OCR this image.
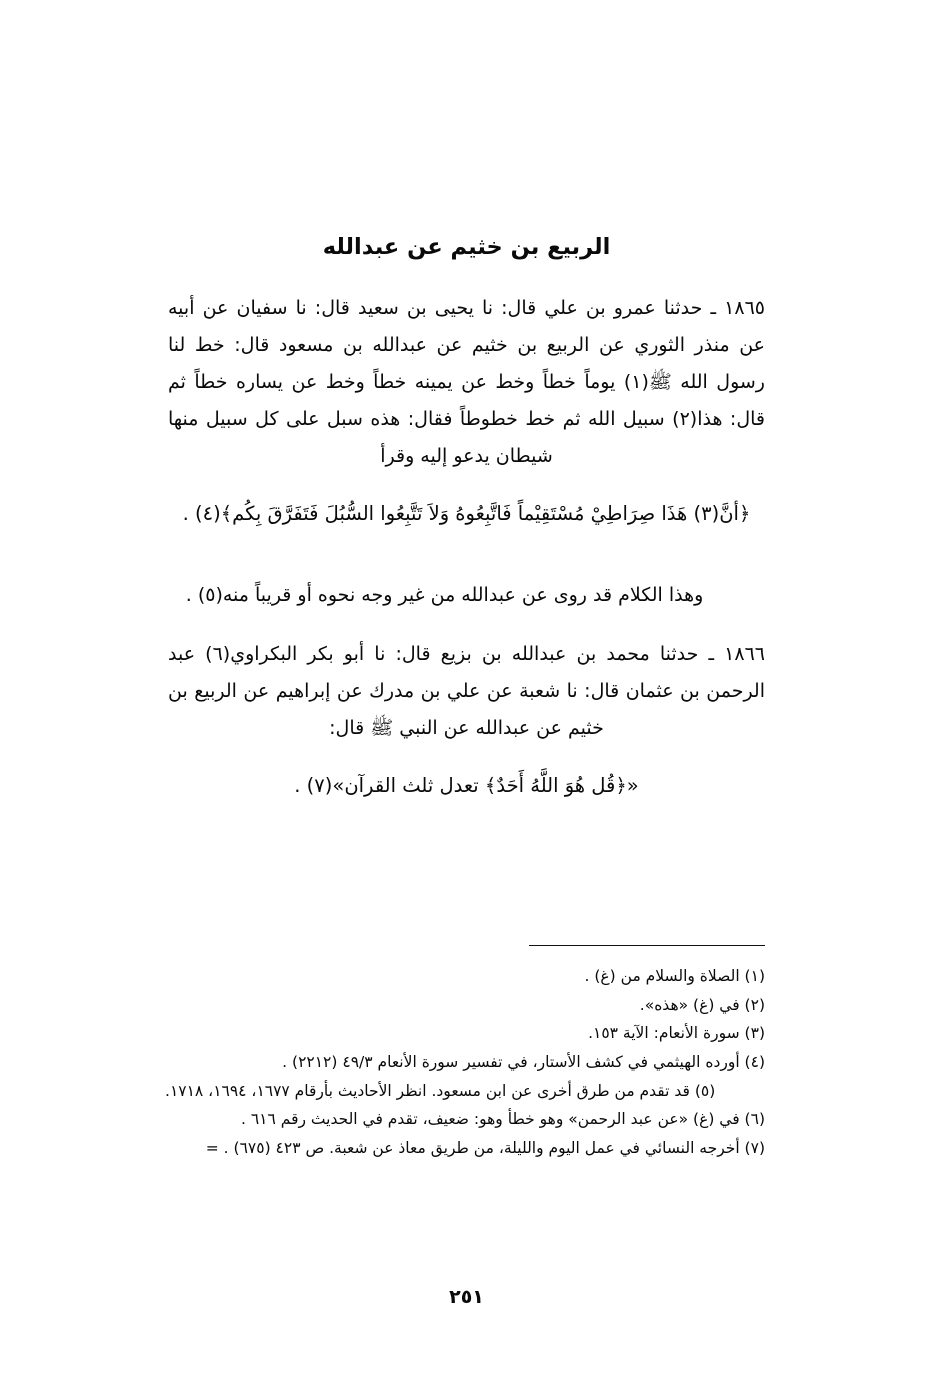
الربيع بن خثيم عن عبدالله

١٨٦٥ ـ حدثنا عمرو بن علي قال: نا يحيى بن سعيد قال: نا سفيان عن أبيه عن منذر الثوري عن الربيع بن خثيم عن عبدالله بن مسعود قال: خط لنا رسول الله ﷺ(١) يوماً خطاً وخط عن يمينه خطاً وخط عن يساره خطاً ثم قال: هذا(٢) سبيل الله ثم خط خطوطاً فقال: هذه سبل على كل سبيل منها شيطان يدعو إليه وقرأ

﴿أنَّ(٣) هَذَا صِرَاطِيْ مُسْتَقِيْماً فَاتَّبِعُوهُ وَلاَ تَتَّبِعُوا السُّبُلَ فَتَفَرَّقَ بِكُم﴾(٤) .

وهذا الكلام قد روى عن عبدالله من غير وجه نحوه أو قريباً منه(٥) .

١٨٦٦ ـ حدثنا محمد بن عبدالله بن بزيع قال: نا أبو بكر البكراوي(٦) عبد الرحمن بن عثمان قال: نا شعبة عن علي بن مدرك عن إبراهيم عن الربيع بن خثيم عن عبدالله عن النبي ﷺ قال:

«﴿قُل هُوَ اللَّهُ أَحَدٌ﴾ تعدل ثلث القرآن»(٧) .

(١) الصلاة والسلام من (غ) .

(٢) في (غ) «هذه».

(٣) سورة الأنعام: الآية ١٥٣.

(٤) أورده الهيثمي في كشف الأستار، في تفسير سورة الأنعام ٤٩/٣ (٢٢١٢) .

(٥) قد تقدم من طرق أخرى عن ابن مسعود. انظر الأحاديث بأرقام ١٦٧٧، ١٦٩٤، ١٧١٨.

(٦) في (غ) «عن عبد الرحمن» وهو خطأ وهو: ضعيف، تقدم في الحديث رقم ٦١٦ .

(٧) أخرجه النسائي في عمل اليوم والليلة، من طريق معاذ عن شعبة. ص ٤٢٣ (٦٧٥) . =

٢٥١
